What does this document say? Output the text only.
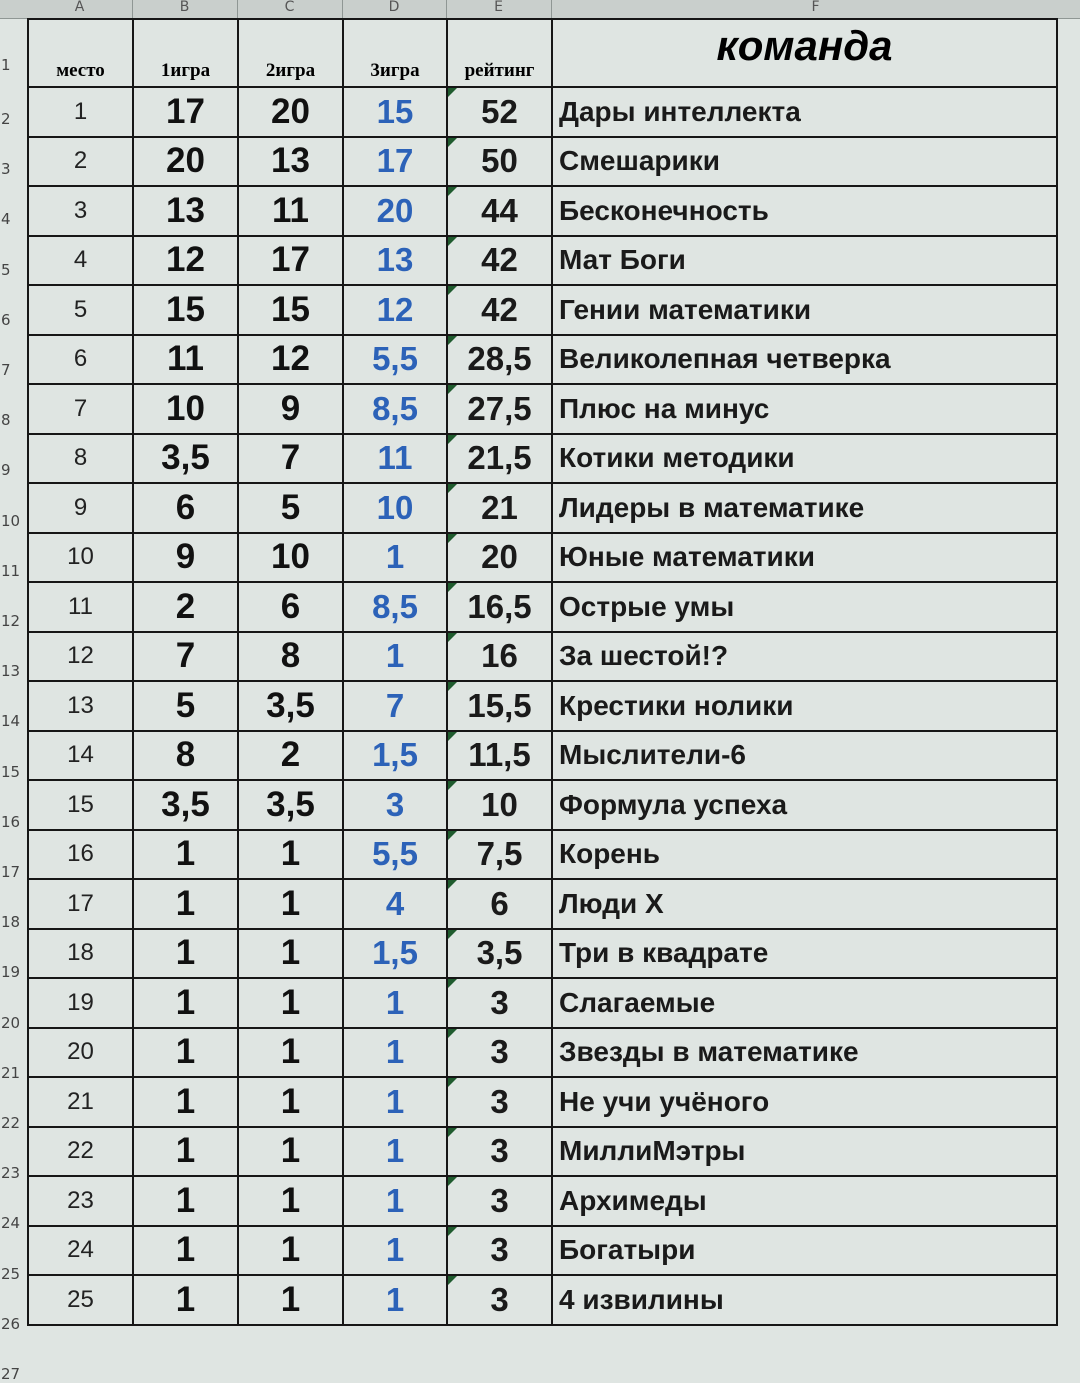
A	B	C	D	E	F
1
2
3
4
5
6
7
8
9
10
11
12
13
14
15
16
17
18
19
20
21
22
23
24
25
26
27
место	1игра	2игра	3игра	рейтинг	команда
1	17	20	15	52	Дары интеллекта
2	20	13	17	50	Смешарики
3	13	11	20	44	Бесконечность
4	12	17	13	42	Мат Боги
5	15	15	12	42	Гении математики
6	11	12	5,5	28,5	Великолепная четверка
7	10	9	8,5	27,5	Плюс на минус
8	3,5	7	11	21,5	Котики методики
9	6	5	10	21	Лидеры в математике
10	9	10	1	20	Юные математики
11	2	6	8,5	16,5	Острые умы
12	7	8	1	16	За шестой!?
13	5	3,5	7	15,5	Крестики нолики
14	8	2	1,5	11,5	Мыслители-6
15	3,5	3,5	3	10	Формула успеха
16	1	1	5,5	7,5	Корень
17	1	1	4	6	Люди Х
18	1	1	1,5	3,5	Три в квадрате
19	1	1	1	3	Слагаемые
20	1	1	1	3	Звезды в математике
21	1	1	1	3	Не учи учёного
22	1	1	1	3	МиллиМэтры
23	1	1	1	3	Архимеды
24	1	1	1	3	Богатыри
25	1	1	1	3	4 извилины
